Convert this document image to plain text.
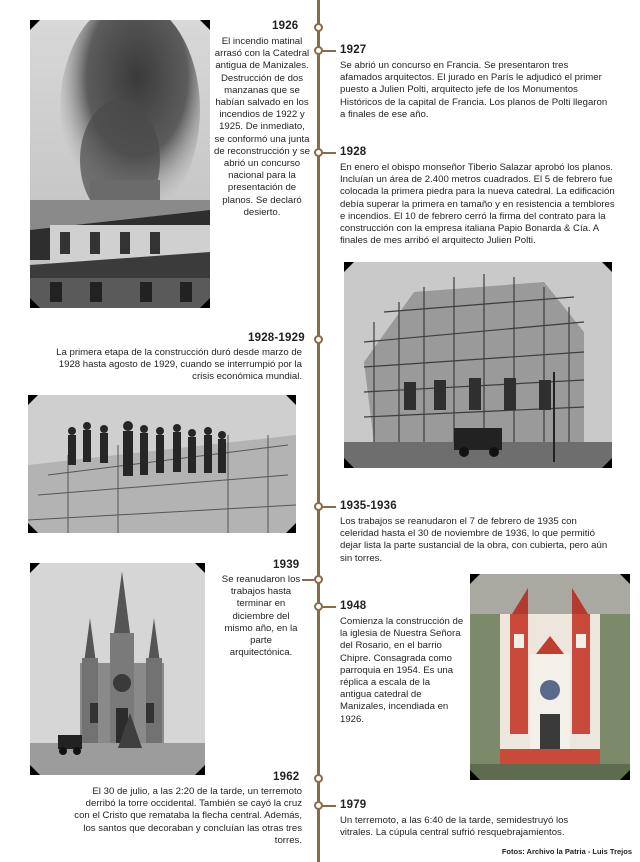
1926
El incendio matinal arrasó con la Catedral antigua de Manizales. Destrucción de dos manzanas que se habían salvado en los incendios de 1922 y 1925. De inmediato, se conformó una junta de reconstrucción y se abrió un concurso nacional para la presentación de planos. Se declaró desierto.
1927
Se abrió un concurso en Francia. Se presentaron tres afamados arquitectos. El jurado en París le adjudicó el primer puesto a Julien Polti, arquitecto jefe de los Monumentos Históricos de la capital de Francia. Los planos de Polti llegaron a finales de ese año.
1928
En enero el obispo monseñor Tiberio Salazar aprobó los planos. Incluían un área de 2.400 metros cuadrados. El 5 de febrero fue colocada la primera piedra para la nueva catedral. La edificación debía superar la primera en tamaño y en resistencia a temblores e incendios. El 10 de febrero cerró la firma del contrato para la construcción con la empresa italiana Papio Bonarda & Cía. A finales de mes arribó el arquitecto Julien Polti.
1928-1929
La primera etapa de la construcción duró desde marzo de 1928 hasta agosto de 1929, cuando se interrumpió por la crisis económica mundial.
1935-1936
Los trabajos se reanudaron el 7 de febrero de 1935 con celeridad hasta el 30 de noviembre de 1936, lo que permitió dejar lista la parte sustancial de la obra, con cubierta, pero aún sin torres.
1939
Se reanudaron los trabajos hasta terminar en diciembre del mismo año, en la parte arquitectónica.
1948
Comienza la construcción de la iglesia de Nuestra Señora del Rosario, en el barrio Chipre. Consagrada como parroquia en 1954. Es una réplica a escala de la antigua catedral de Manizales, incendiada en 1926.
1962
El 30 de julio, a las 2:20 de la tarde, un terremoto derribó la torre occidental. También se cayó la cruz con el Cristo que remataba la flecha central. Además, los santos que decoraban y concluían las otras tres torres.
1979
Un terremoto, a las 6:40 de la tarde, semidestruyó los vitrales. La cúpula central sufrió resquebrajamientos.
Fotos: Archivo la Patria - Luis Trejos
